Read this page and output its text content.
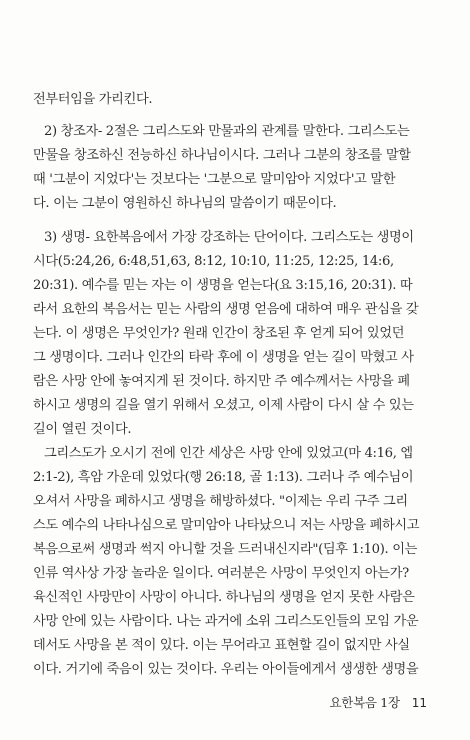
전부터임을 가리킨다.
2) 창조자- 2절은 그리스도와 만물과의 관계를 말한다. 그리스도는
만물을 창조하신 전능하신 하나님이시다. 그러나 그분의 창조를 말할
때 '그분이 지었다'는 것보다는 '그분으로 말미암아 지었다'고 말한
다. 이는 그분이 영원하신 하나님의 말씀이기 때문이다.
3) 생명- 요한복음에서 가장 강조하는 단어이다. 그리스도는 생명이
시다(5:24,26, 6:48,51,63, 8:12, 10:10, 11:25, 12:25, 14:6,
20:31). 예수를 믿는 자는 이 생명을 얻는다(요 3:15,16, 20:31). 따
라서 요한의 복음서는 믿는 사람의 생명 얻음에 대하여 매우 관심을 갖
는다. 이 생명은 무엇인가? 원래 인간이 창조된 후 얻게 되어 있었던
그 생명이다. 그러나 인간의 타락 후에 이 생명을 얻는 길이 막혔고 사
람은 사망 안에 놓여지게 된 것이다. 하지만 주 예수께서는 사망을 폐
하시고 생명의 길을 열기 위해서 오셨고, 이제 사람이 다시 살 수 있는
길이 열린 것이다.
그리스도가 오시기 전에 인간 세상은 사망 안에 있었고(마 4:16, 엡
2:1-2), 흑암 가운데 있었다(행 26:18, 골 1:13). 그러나 주 예수님이
오셔서 사망을 폐하시고 생명을 해방하셨다. "이제는 우리 구주 그리
스도 예수의 나타나심으로 말미암아 나타났으니 저는 사망을 폐하시고
복음으로써 생명과 썩지 아니할 것을 드러내신지라"(딤후 1:10). 이는
인류 역사상 가장 놀라운 일이다. 여러분은 사망이 무엇인지 아는가?
육신적인 사망만이 사망이 아니다. 하나님의 생명을 얻지 못한 사람은
사망 안에 있는 사람이다. 나는 과거에 소위 그리스도인들의 모임 가운
데서도 사망을 본 적이 있다. 이는 무어라고 표현할 길이 없지만 사실
이다. 거기에 죽음이 있는 것이다. 우리는 아이들에게서 생생한 생명을
요한복음 1장 11
